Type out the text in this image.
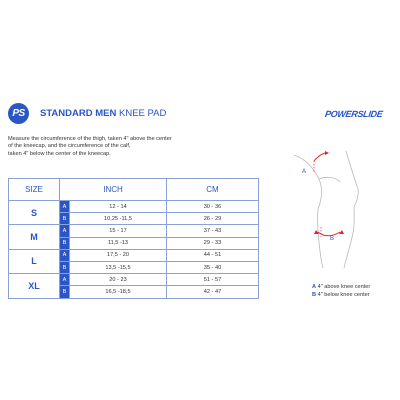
PS	STANDARD MEN KNEE PAD	POWERSLIDE
Measure the circumference of the thigh, taken 4" above the center
of the kneecap, and the circumference of the calf,
taken 4" below the center of the kneecap.
SIZE	INCH		CM
S	A	12 - 14	30 - 36
	B	10,25 -11,5	26 - 29
M	A	15 - 17	37 - 43
	B	11,5 -13	29 - 33
L	A	17,5 - 20	44 - 51
	B	13,5 -15,5	35 - 40
XL	A	20 - 23	51 - 57
	B	16,5 -18,5	42 - 47
A
B
A 4" above knee center
B 4" below knee center
